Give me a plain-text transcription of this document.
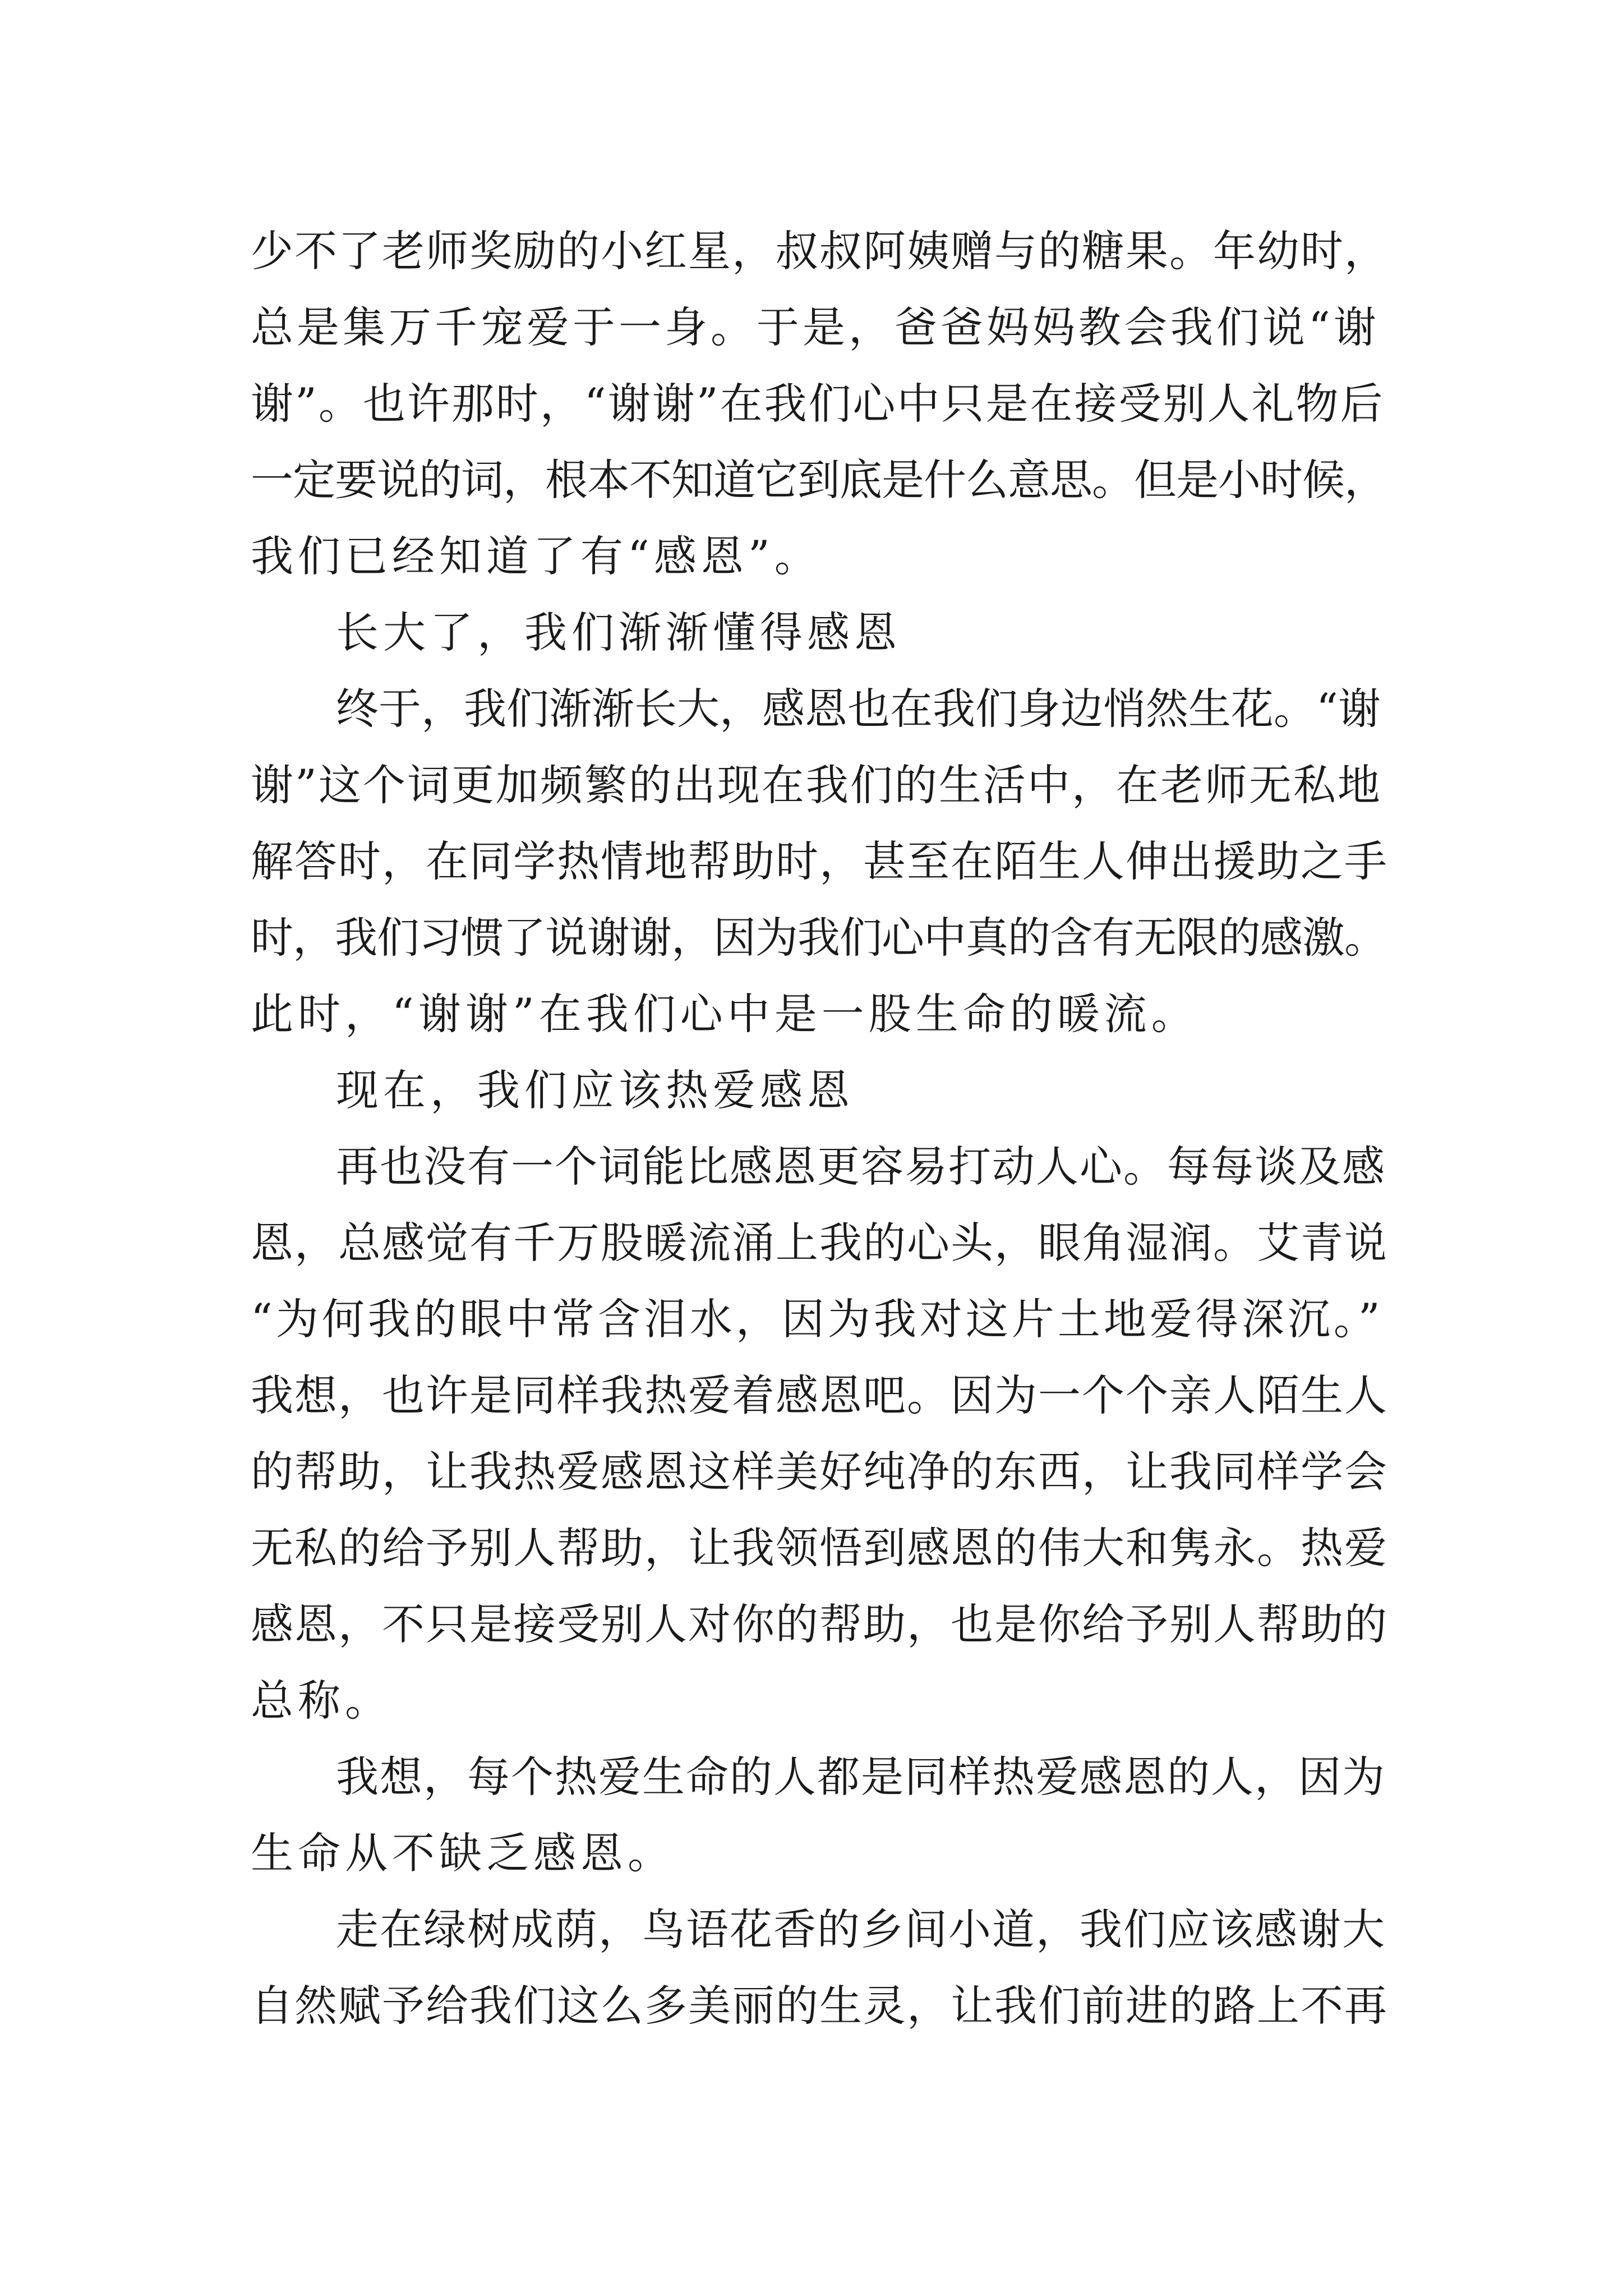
少不了老师奖励的小红星，叔叔阿姨赠与的糖果。年幼时，
总是集万千宠爱于一身。于是，爸爸妈妈教会我们说“谢
谢”。也许那时，“谢谢”在我们心中只是在接受别人礼物后
一定要说的词，根本不知道它到底是什么意思。但是小时候，
我们已经知道了有“感恩”。
长大了，我们渐渐懂得感恩
终于，我们渐渐长大，感恩也在我们身边悄然生花。“谢
谢”这个词更加频繁的出现在我们的生活中，在老师无私地
解答时，在同学热情地帮助时，甚至在陌生人伸出援助之手
时，我们习惯了说谢谢，因为我们心中真的含有无限的感激。
此时，“谢谢”在我们心中是一股生命的暖流。
现在，我们应该热爱感恩
再也没有一个词能比感恩更容易打动人心。每每谈及感
恩，总感觉有千万股暖流涌上我的心头，眼角湿润。艾青说
“为何我的眼中常含泪水，因为我对这片土地爱得深沉。”
我想，也许是同样我热爱着感恩吧。因为一个个亲人陌生人
的帮助，让我热爱感恩这样美好纯净的东西，让我同样学会
无私的给予别人帮助，让我领悟到感恩的伟大和隽永。热爱
感恩，不只是接受别人对你的帮助，也是你给予别人帮助的
总称。
我想，每个热爱生命的人都是同样热爱感恩的人，因为
生命从不缺乏感恩。
走在绿树成荫，鸟语花香的乡间小道，我们应该感谢大
自然赋予给我们这么多美丽的生灵，让我们前进的路上不再
